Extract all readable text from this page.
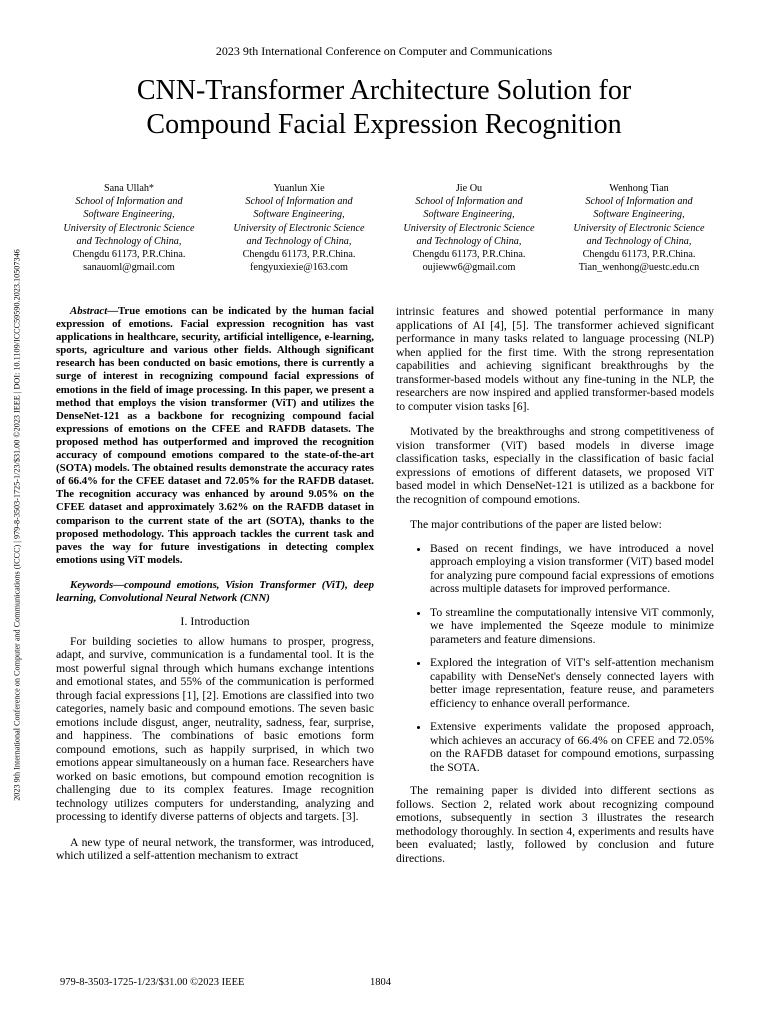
2023 9th International Conference on Computer and Communications
CNN-Transformer Architecture Solution for
Compound Facial Expression Recognition
2023 9th International Conference on Computer and Communications (ICCC) | 979-8-3503-1725-1/23/$31.00 ©2023 IEEE | DOI: 10.1109/ICCC59590.2023.10507346
Sana Ullah*
School of Information and
Software Engineering,
University of Electronic Science
and Technology of China,
Chengdu 61173, P.R.China.
sanauoml@gmail.com
Yuanlun Xie
School of Information and
Software Engineering,
University of Electronic Science
and Technology of China,
Chengdu 61173, P.R.China.
fengyuxiexie@163.com
Jie Ou
School of Information and
Software Engineering,
University of Electronic Science
and Technology of China,
Chengdu 61173, P.R.China.
oujieww6@gmail.com
Wenhong Tian
School of Information and
Software Engineering,
University of Electronic Science
and Technology of China,
Chengdu 61173, P.R.China.
Tian_wenhong@uestc.edu.cn

Abstract—True emotions can be indicated by the human facial expression of emotions. Facial expression recognition has vast applications in healthcare, security, artificial intelligence, e-learning, sports, agriculture and various other fields. Although significant research has been conducted on basic emotions, there is currently a surge of interest in recognizing compound facial expressions of emotions in the field of image processing. In this paper, we present a method that employs the vision transformer (ViT) and utilizes the DenseNet-121 as a backbone for recognizing compound facial expressions of emotions on the CFEE and RAFDB datasets. The proposed method has outperformed and improved the recognition accuracy of compound emotions compared to the state-of-the-art (SOTA) models. The obtained results demonstrate the accuracy rates of 66.4% for the CFEE dataset and 72.05% for the RAFDB dataset. The recognition accuracy was enhanced by around 9.05% on the CFEE dataset and approximately 3.62% on the RAFDB dataset in comparison to the current state of the art (SOTA), thanks to the proposed methodology. This approach tackles the current task and paves the way for future investigations in detecting complex emotions using ViT models.

Keywords—compound emotions, Vision Transformer (ViT), deep learning, Convolutional Neural Network (CNN)

I. Introduction

For building societies to allow humans to prosper, progress, adapt, and survive, communication is a fundamental tool. It is the most powerful signal through which humans exchange intentions and emotional states, and 55% of the communication is performed through facial expressions [1], [2]. Emotions are classified into two categories, namely basic and compound emotions. The seven basic emotions include disgust, anger, neutrality, sadness, fear, surprise, and happiness. The combinations of basic emotions form compound emotions, such as happily surprised, in which two emotions appear simultaneously on a human face. Researchers have worked on basic emotions, but compound emotion recognition is challenging due to its complex features. Image recognition technology utilizes computers for understanding, analyzing and processing to identify diverse patterns of objects and targets. [3].

A new type of neural network, the transformer, was introduced, which utilized a self-attention mechanism to extract

intrinsic features and showed potential performance in many applications of AI [4], [5]. The transformer achieved significant performance in many tasks related to language processing (NLP) when applied for the first time. With the strong representation capabilities and achieving significant breakthroughs by the transformer-based models without any fine-tuning in the NLP, the researchers are now inspired and applied transformer-based models to computer vision tasks [6].

Motivated by the breakthroughs and strong competitiveness of vision transformer (ViT) based models in diverse image classification tasks, especially in the classification of basic facial expressions of emotions of different datasets, we proposed ViT based model in which DenseNet-121 is utilized as a backbone for the recognition of compound emotions.

The major contributions of the paper are listed below:

• Based on recent findings, we have introduced a novel approach employing a vision transformer (ViT) based model for analyzing pure compound facial expressions of emotions across multiple datasets for improved performance.
• To streamline the computationally intensive ViT commonly, we have implemented the Sqeeze module to minimize parameters and feature dimensions.
• Explored the integration of ViT's self-attention mechanism capability with DenseNet's densely connected layers with better image representation, feature reuse, and parameters efficiency to enhance overall performance.
• Extensive experiments validate the proposed approach, which achieves an accuracy of 66.4% on CFEE and 72.05% on the RAFDB dataset for compound emotions, surpassing the SOTA.

The remaining paper is divided into different sections as follows. Section 2, related work about recognizing compound emotions, subsequently in section 3 illustrates the research methodology thoroughly. In section 4, experiments and results have been evaluated; lastly, followed by conclusion and future directions.

979-8-3503-1725-1/23/$31.00 ©2023 IEEE	1804
